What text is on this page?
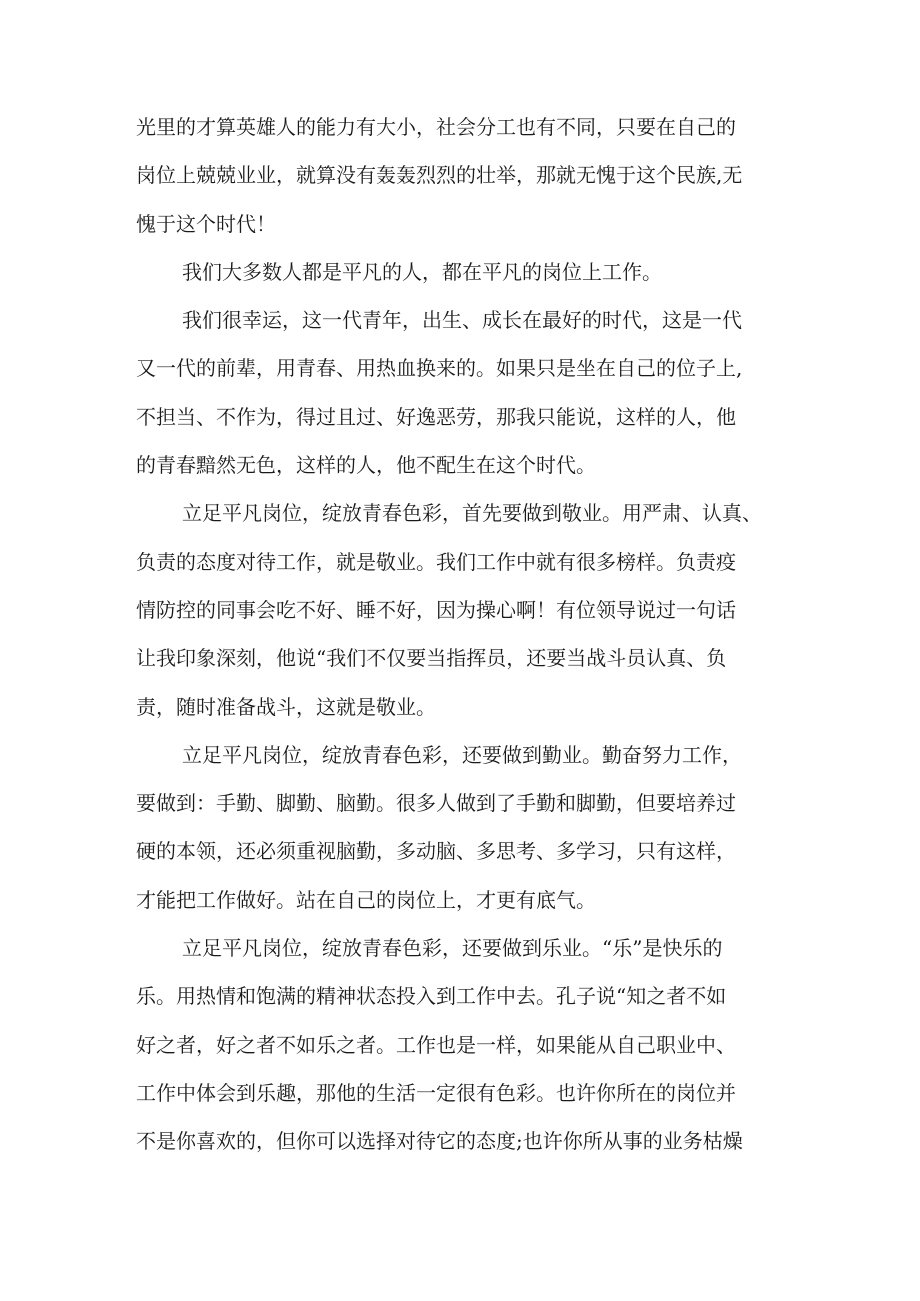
光里的才算英雄人的能力有大小，社会分工也有不同，只要在自己的
岗位上兢兢业业，就算没有轰轰烈烈的壮举，那就无愧于这个民族,无
愧于这个时代！
我们大多数人都是平凡的人，都在平凡的岗位上工作。
我们很幸运，这一代青年，出生、成长在最好的时代，这是一代
又一代的前辈，用青春、用热血换来的。如果只是坐在自己的位子上,
不担当、不作为，得过且过、好逸恶劳，那我只能说，这样的人，他
的青春黯然无色，这样的人，他不配生在这个时代。
立足平凡岗位，绽放青春色彩，首先要做到敬业。用严肃、认真、
负责的态度对待工作，就是敬业。我们工作中就有很多榜样。负责疫
情防控的同事会吃不好、睡不好，因为操心啊！有位领导说过一句话
让我印象深刻，他说“我们不仅要当指挥员，还要当战斗员认真、负
责，随时准备战斗，这就是敬业。
立足平凡岗位，绽放青春色彩，还要做到勤业。勤奋努力工作，
要做到：手勤、脚勤、脑勤。很多人做到了手勤和脚勤，但要培养过
硬的本领，还必须重视脑勤，多动脑、多思考、多学习，只有这样，
才能把工作做好。站在自己的岗位上，才更有底气。
立足平凡岗位，绽放青春色彩，还要做到乐业。“乐”是快乐的
乐。用热情和饱满的精神状态投入到工作中去。孔子说“知之者不如
好之者，好之者不如乐之者。工作也是一样，如果能从自己职业中、
工作中体会到乐趣，那他的生活一定很有色彩。也许你所在的岗位并
不是你喜欢的，但你可以选择对待它的态度;也许你所从事的业务枯燥
